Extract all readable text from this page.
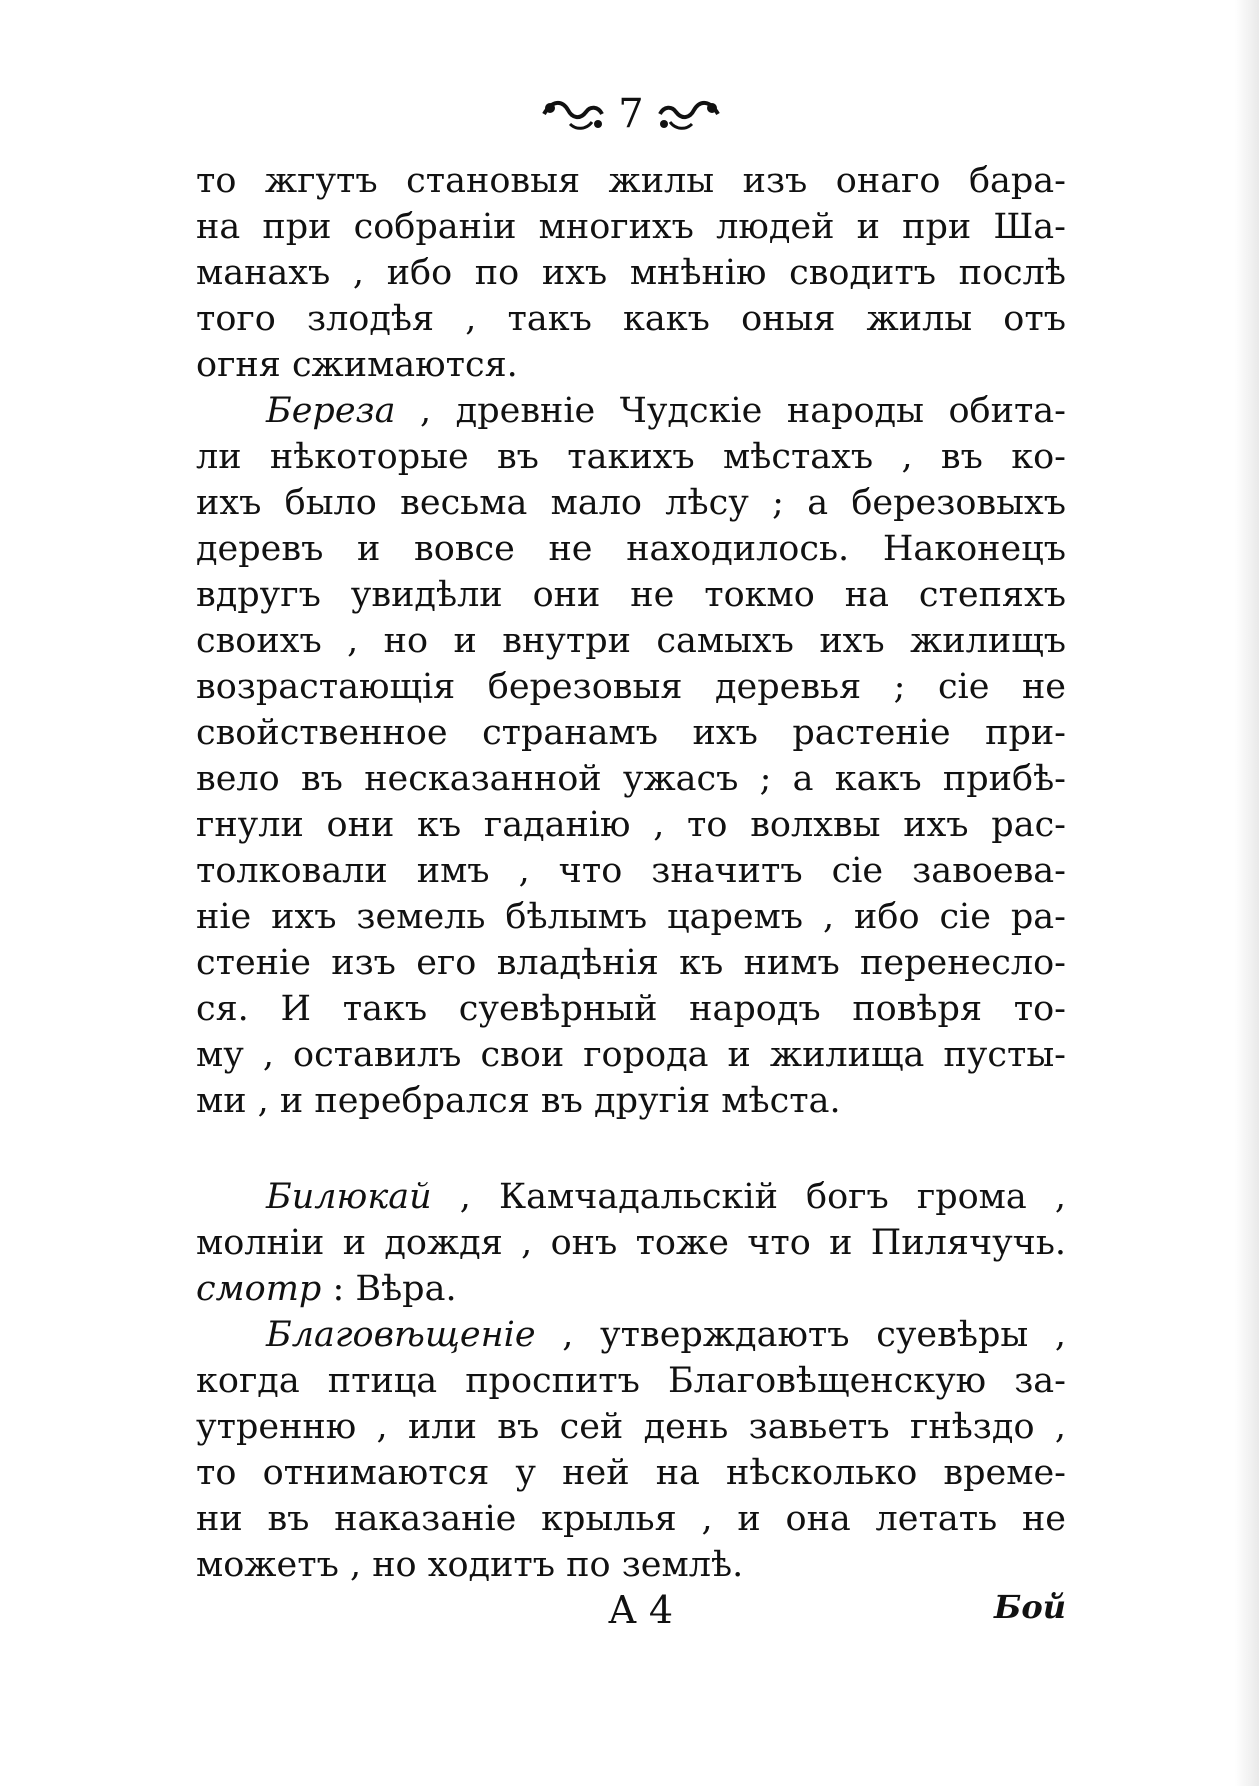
7
то жгутъ становыя жилы изъ онаго бара-
на при собранiи многихъ людей и при Ша-
манахъ , ибо по ихъ мнѣнiю сводитъ послѣ
того злодѣя , такъ какъ оныя жилы отъ
огня сжимаются.
Береза , древнiе Чудскiе народы обита-
ли нѣкоторые въ такихъ мѣстахъ , въ ко-
ихъ было весьма мало лѣсу ; а березовыхъ
деревъ и вовсе не находилось. Наконецъ
вдругъ увидѣли они не токмо на степяхъ
своихъ , но и внутри самыхъ ихъ жилищъ
возрастающiя березовыя деревья ; сiе не
свойственное странамъ ихъ растенiе при-
вело въ несказанной ужасъ ; а какъ прибѣ-
гнули они къ гаданiю , то волхвы ихъ рас-
толковали имъ , что значитъ сiе завоева-
нiе ихъ земель бѣлымъ царемъ , ибо сiе ра-
стенiе изъ его владѣнiя къ нимъ перенесло-
ся. И такъ суевѣрный народъ повѣря то-
му , оставилъ свои города и жилища пусты-
ми , и перебрался въ другiя мѣста.
Билюкай , Камчадальскiй богъ грома ,
молнiи и дождя , онъ тоже что и Пилячучь.
смотр : Вѣра.
Благовѣщенiе , утверждаютъ суевѣры ,
когда птица проспитъ Благовѣщенскую за-
утренню , или въ сей день завьетъ гнѣздо ,
то отнимаются у ней на нѣсколько време-
ни въ наказанiе крылья , и она летать не
можетъ , но ходитъ по землѣ.
А 4	Бой
